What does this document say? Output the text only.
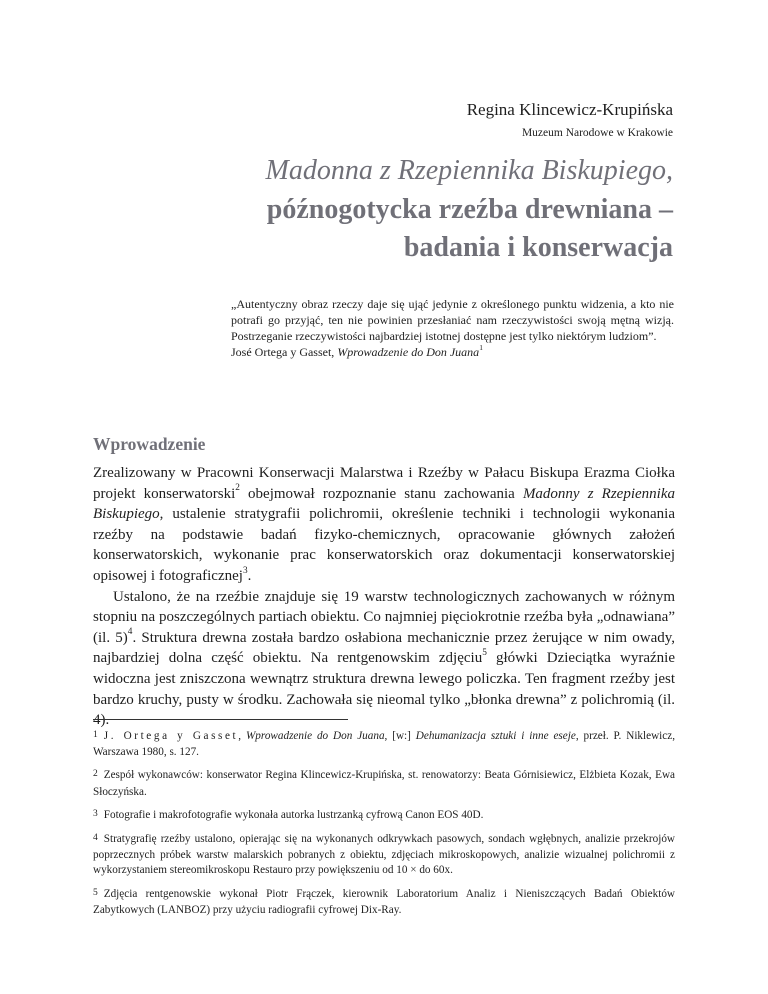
Regina Klincewicz-Krupińska
Muzeum Narodowe w Krakowie
Madonna z Rzepiennika Biskupiego,
późnogotycka rzeźba drewniana –
badania i konserwacja
„Autentyczny obraz rzeczy daje się ująć jedynie z określonego punktu widzenia, a kto nie potrafi go przyjąć, ten nie powinien przesłaniać nam rzeczywistości swoją mętną wizją. Postrzeganie rzeczywistości najbardziej istotnej dostępne jest tylko niektórym ludziom”.
José Ortega y Gasset, Wprowadzenie do Don Juana$^1$
Wprowadzenie

Zrealizowany w Pracowni Konserwacji Malarstwa i Rzeźby w Pałacu Biskupa Erazma Ciołka projekt konserwatorski$^2$ obejmował rozpoznanie stanu zachowania Madonny z Rzepiennika Biskupiego, ustalenie stratygrafii polichromii, określenie techniki i technologii wykonania rzeźby na podstawie badań fizyko-chemicznych, opracowanie głównych założeń konserwatorskich, wykonanie prac konserwatorskich oraz dokumentacji konserwatorskiej opisowej i fotograficznej$^3$.

Ustalono, że na rzeźbie znajduje się 19 warstw technologicznych zachowanych w różnym stopniu na poszczególnych partiach obiektu. Co najmniej pięciokrotnie rzeźba była „odnawiana” (il. 5)$^4$. Struktura drewna została bardzo osłabiona mechanicznie przez żerujące w nim owady, najbardziej dolna część obiektu. Na rentgenowskim zdjęciu$^5$ główki Dzieciątka wyraźnie widoczna jest zniszczona wewnątrz struktura drewna lewego policzka. Ten fragment rzeźby jest bardzo kruchy, pusty w środku. Zachowała się nieomal tylko „błonka drewna” z polichromią (il. 4).

1 J. Ortega y Gasset, Wprowadzenie do Don Juana, [w:] Dehumanizacja sztuki i inne eseje, przeł. P. Niklewicz, Warszawa 1980, s. 127.

2 Zespół wykonawców: konserwator Regina Klincewicz-Krupińska, st. renowatorzy: Beata Górnisiewicz, Elżbieta Kozak, Ewa Słoczyńska.

3 Fotografie i makrofotografie wykonała autorka lustrzanką cyfrową Canon EOS 40D.

4 Stratygrafię rzeźby ustalono, opierając się na wykonanych odkrywkach pasowych, sondach wgłębnych, analizie przekrojów poprzecznych próbek warstw malarskich pobranych z obiektu, zdjęciach mikroskopowych, analizie wizualnej polichromii z wykorzystaniem stereomikroskopu Restauro przy powiększeniu od 10 × do 60x.

5 Zdjęcia rentgenowskie wykonał Piotr Frączek, kierownik Laboratorium Analiz i Nieniszczących Badań Obiektów Zabytkowych (LANBOZ) przy użyciu radiografii cyfrowej Dix-Ray.
